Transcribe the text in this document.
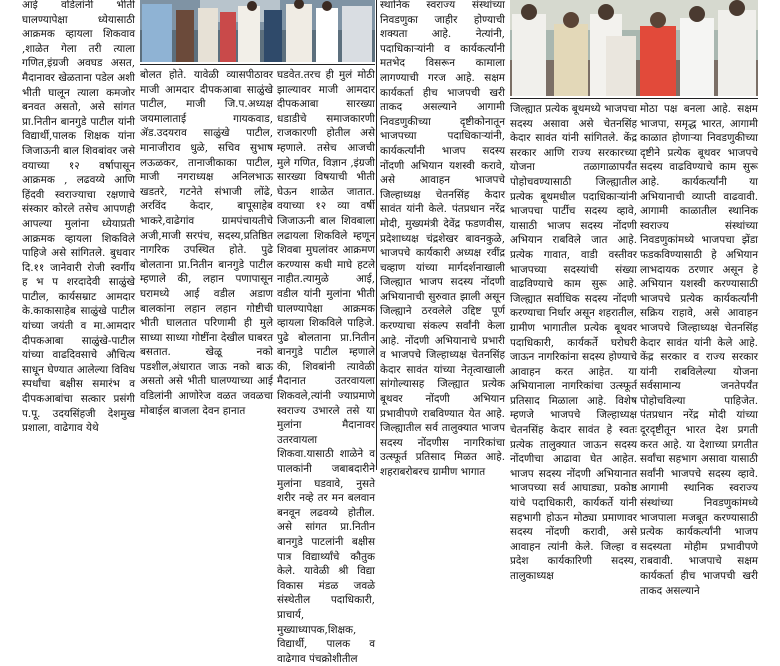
आई वडिलांनी भीती घालण्यापेक्षा ध्येयासाठी आक्रमक व्हायला शिकवाव ,शाळेत गेला तरी त्याला गणित,इंग्रजी अवघड असत, मैदानावर खेळताना पडेल अशी भीती घालून त्याला कमजोर बनवत असतो, असे सांगत प्रा.नितीन बानगुडे पाटील यांनी विद्यार्थी,पालक शिक्षक यांना जिजाऊनी बाल शिवबांवर जसे वयाच्या १२ वर्षापासून आक्रमक , लढवय्ये आणि हिंदवी स्वराज्याचा रक्षणाचे संस्कार कोरले तसेच आपणही आपल्या मुलांना ध्येयाप्रती आक्रमक व्हायला शिकविले पाहिजे असे सांगितले. बुधवार दि.११ जानेवारी रोजी स्वर्गीय ह भ प शरदादेवी साळुंखे पाटील, कार्यसम्राट आमदार के.काकासाहेब साळुंखे पाटील यांच्या जयंती व मा.आमदार दीपकआबा साळुंखे-पाटील यांच्या वाढदिवसाचे औचित्य साधून घेण्यात आलेल्या विविध स्पर्धांचा बक्षीस समारंभ व दीपकआबांचा सत्कार प्रसंगी प.पू. उदयसिंहजी देशमुख प्रशाला, वाढेगाव येथे

बोलत होते. यावेळी व्यासपीठावर माजी आमदार दीपकआबा साळुंखे पाटील, माजी जि.प.अध्यक्ष जयमालाताई गायकवाड, ॲड.उदयराव साळुंखे पाटील, मानाजीराव धुळे, सचिव सुभाष लऊळकर, तानाजीकाका पाटील, माजी नगराध्यक्ष अनिलभाऊ खडतरे, गटनेते संभाजी लोंढे, अरविंद केदार, बापूसाहेब भाकरे,वाढेगांव ग्रामपंचायतीचे अजी,माजी सरपंच, सदस्य,प्रतिष्ठित नागरिक उपस्थित होते. पुढे बोलताना प्रा.नितीन बानगुडे पाटील म्हणाले की, लहान पणापासून घरामध्ये आई वडील अडाण बालकांना लहान लहान गोष्टीची भीती घालतात परिणामी ही मुले साध्या साध्या गोष्टींना देखील घाबरत बसतात. खेळू नको पडशील,अंधारात जाऊ नको बाऊ असतो असे भीती घालण्याच्या आई वडिलांनी आणोरेज वळत जवळचा मोबाईल बाजला देवन हानात

घडवेत.तरच ही मुलं मोठी झाल्यावर माजी आमदार दीपकआबा सारख्या धडाडीचे समाजकारणी राजकारणी होतील असे म्हणाले. तसेच आजची मुले गणित, विज्ञान ,इंग्रजी सारख्या विषयाची भीती घेऊन शाळेत जातात. वयाच्या १२ व्या वर्षी जिजाऊनी बाल शिवबाला लढायला शिकविले म्हणून शिवबा मुघलांवर आक्रमण करण्यास कधी माघे हटले नाहीत.त्यामुळे आई, वडील यांनी मुलांना भीती घालण्यापेक्षा आक्रमक व्हायला शिकविले पाहिजे. पुढे बोलताना प्रा.नितीन बानगुडे पाटील म्हणाले की, शिवबांनी त्यावेळी मैदानात उतरवायला शिकवले,त्यांनी ज्याप्रमाणे स्वराज्य उभारले तसे या मुलांना मैदानावर उतरवायला शिकवा.यासाठी शाळेने व पालकांनी जबाबदारीने मुलांना घडवावे, नुसते शरीर नव्हे तर मन बलवान बनवून लढवय्ये होतील. असे सांगत प्रा.नितीन बानगुडे पाटलांनी बक्षीस पात्र विद्यार्थ्यांचे कौतुक केले. यावेळी श्री विद्या विकास मंडळ जवळे संस्थेतील पदाधिकारी, प्राचार्य, मुख्याध्यापक,शिक्षक, विद्यार्थी, पालक व वाढेगाव पंचक्रोशीतील

स्थानिक स्वराज्य संस्थांच्या निवडणुका जाहीर होण्याची शक्यता आहे. नेत्यांनी, पदाधिकाऱ्यांनी व कार्यकर्त्यांनी मतभेद विसरून कामाला लागण्याची गरज आहे. सक्षम कार्यकर्ता हीच भाजपची खरी ताकद असल्याने आगामी निवडणुकीच्या दृष्टीकोनातून भाजपच्या पदाधिकाऱ्यांनी, कार्यकर्त्यांनी भाजप सदस्य नोंदणी अभियान यशस्वी करावे, असे आवाहन भाजपचे जिल्हाध्यक्ष चेतनसिंह केदार सावंत यांनी केले. पंतप्रधान नरेंद्र मोदी, मुख्यमंत्री देवेंद्र फडणवीस, प्रदेशाध्यक्ष चंद्रशेखर बावनकुळे, भाजपचे कार्यकारी अध्यक्ष रवींद्र चव्हाण यांच्या मार्गदर्शनाखाली जिल्ह्यात भाजप सदस्य नोंदणी अभियानाची सुरुवात झाली असून जिल्ह्याने ठरवलेले उद्दिष्ट पूर्ण करण्याचा संकल्प सर्वांनी केला आहे. नोंदणी अभियानाचे प्रभारी व भाजपचे जिल्हाध्यक्ष चेतनसिंह केदार सावंत यांच्या नेतृत्वाखाली सांगोल्यासह जिल्ह्यात प्रत्येक बूथवर नोंदणी अभियान प्रभावीपणे राबविण्यात येत आहे. जिल्ह्यातील सर्व तालुक्यात भाजप सदस्य नोंदणीस नागरिकांचा उत्स्फूर्त प्रतिसाद मिळत आहे. शहराबरोबरच ग्रामीण भागात

जिल्ह्यात प्रत्येक बूथमध्ये भाजपचा सदस्य असावा असे चेतनसिंह केदार सावंत यांनी सांगितले. केंद्र सरकार आणि राज्य सरकारच्या योजना तळागाळापर्यंत पोहोचवण्यासाठी जिल्ह्यातील प्रत्येक बूथमधील पदाधिकाऱ्यांनी भाजपचा पार्टीच सदस्य व्हावे, यासाठी भाजप सदस्य नोंदणी अभियान राबविले जात आहे. प्रत्येक गावात, वाडी वस्तीवर भाजपच्या सदस्यांची संख्या वाढविण्याचे काम सुरू आहे. जिल्ह्यात सर्वाधिक सदस्य नोंदणी करण्याचा निर्धार असून शहरातील, ग्रामीण भागातील प्रत्येक बूथवर पदाधिकारी, कार्यकर्ते घरोघरी जाऊन नागरिकांना सदस्य होण्याचे आवाहन करत आहेत. या अभियानाला नागरिकांचा उत्स्फूर्त प्रतिसाद मिळाला आहे. विशेष म्हणजे भाजपचे जिल्हाध्यक्ष चेतनसिंह केदार सावंत हे स्वतः प्रत्येक तालुक्यात जाऊन सदस्य नोंदणीचा आढावा घेत आहेत. भाजप सदस्य नोंदणी अभियानात भाजपच्या सर्व आघाड्या, प्रकोष्ठ यांचे पदाधिकारी, कार्यकर्ते यांनी सहभागी होऊन मोठ्या प्रमाणावर सदस्य नोंदणी करावी, असे आवाहन त्यांनी केले. जिल्हा व प्रदेश कार्यकारिणी सदस्य, तालुकाध्यक्ष

मोठा पक्ष बनला आहे. सक्षम भाजपा, समृद्ध भारत, आगामी काळात होणाऱ्या निवडणुकीच्या दृष्टीने प्रत्येक बूथवर भाजपचे सदस्य वाढविण्याचे काम सुरू आहे. कार्यकर्त्यांनी या अभियानाची व्याप्ती वाढवावी. आगामी काळातील स्थानिक स्वराज्य संस्थांच्या निवडणुकांमध्ये भाजपचा झेंडा फडकविण्यासाठी हे अभियान लाभदायक ठरणार असून हे अभियान यशस्वी करण्यासाठी भाजपचे प्रत्येक कार्यकर्त्यांनी सक्रिय राहावे, असे आवाहन भाजपचे जिल्हाध्यक्ष चेतनसिंह केदार सावंत यांनी केले आहे. केंद्र सरकार व राज्य सरकार यांनी राबविलेल्या योजना सर्वसामान्य जनतेपर्यंत पोहोचविल्या पाहिजेत. पंतप्रधान नरेंद्र मोदी यांच्या दूरदृष्टीतून भारत देश प्रगती करत आहे. या देशाच्या प्रगतीत सर्वांचा सहभाग असावा यासाठी सर्वांनी भाजपचे सदस्य व्हावे. आगामी स्थानिक स्वराज्य संस्थांच्या निवडणुकांमध्ये भाजपाला मजबूत करण्यासाठी प्रत्येक कार्यकर्त्यांनी भाजप सदस्यता मोहीम प्रभावीपणे राबवावी. भाजपाचे सक्षम कार्यकर्ता हीच भाजपची खरी ताकद असल्याने
